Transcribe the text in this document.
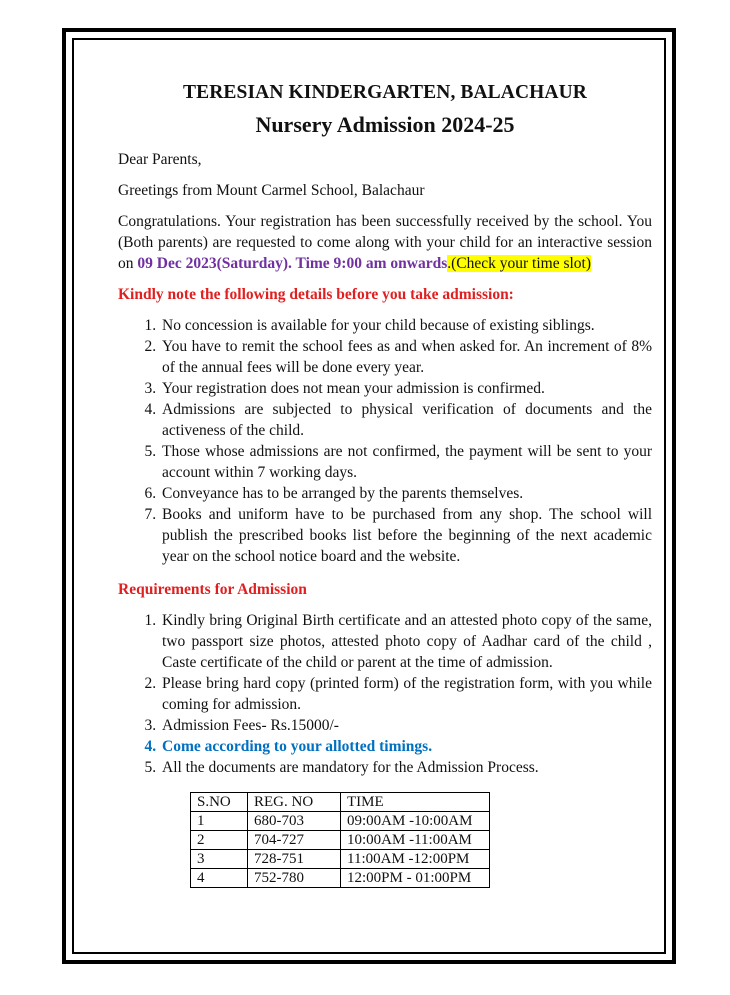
TERESIAN KINDERGARTEN, BALACHAUR

Nursery Admission 2024-25

Dear Parents,

Greetings from Mount Carmel School, Balachaur

Congratulations. Your registration has been successfully received by the school. You (Both parents) are requested to come along with your child for an interactive session on 09 Dec 2023(Saturday). Time 9:00 am onwards.(Check your time slot)

Kindly note the following details before you take admission:

1. No concession is available for your child because of existing siblings.
2. You have to remit the school fees as and when asked for. An increment of 8% of the annual fees will be done every year.
3. Your registration does not mean your admission is confirmed.
4. Admissions are subjected to physical verification of documents and the activeness of the child.
5. Those whose admissions are not confirmed, the payment will be sent to your account within 7 working days.
6. Conveyance has to be arranged by the parents themselves.
7. Books and uniform have to be purchased from any shop. The school will publish the prescribed books list before the beginning of the next academic year on the school notice board and the website.

Requirements for Admission

1. Kindly bring Original Birth certificate and an attested photo copy of the same, two passport size photos, attested photo copy of Aadhar card of the child , Caste certificate of the child or parent at the time of admission.
2. Please bring hard copy (printed form) of the registration form, with you while coming for admission.
3. Admission Fees- Rs.15000/-
4. Come according to your allotted timings.
5. All the documents are mandatory for the Admission Process.
S.NO	REG. NO	TIME
1	680-703	09:00AM -10:00AM
2	704-727	10:00AM -11:00AM
3	728-751	11:00AM -12:00PM
4	752-780	12:00PM - 01:00PM
